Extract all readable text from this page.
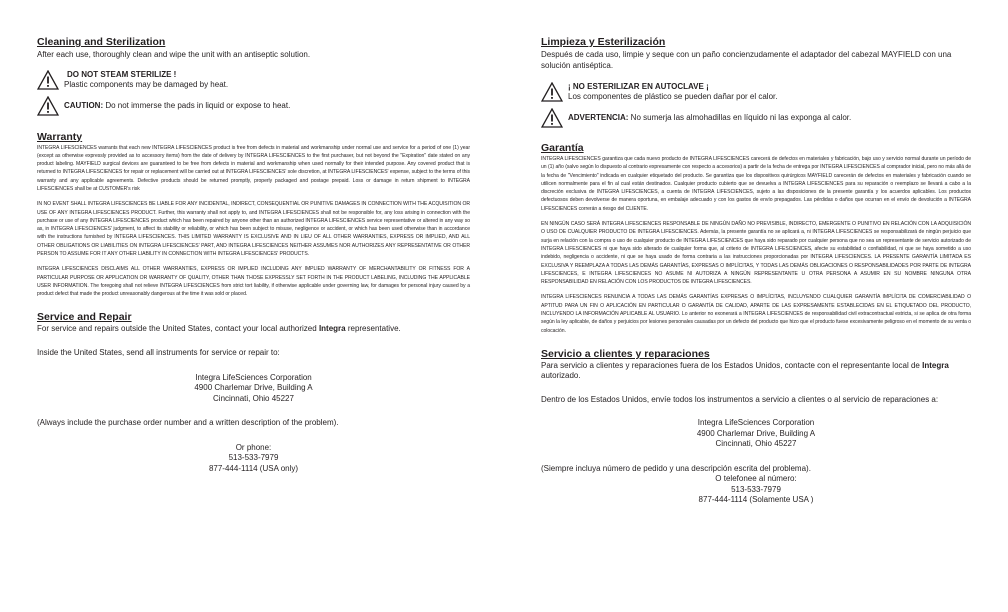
Cleaning and Sterilization

After each use, thoroughly clean and wipe the unit with an antiseptic solution.

DO NOT STEAM STERILIZE !
Plastic components may be damaged by heat.
CAUTION: Do not immerse the pads in liquid or expose to heat.
Warranty

INTEGRA LIFESCIENCES warrants that each new INTEGRA LIFESCIENCES product is free from defects in material and workmanship under normal use and service for a period of one (1) year (except as otherwise expressly provided as to accessory items) from the date of delivery by INTEGRA LIFESCIENCES to the first purchaser, but not beyond the "Expiration" date stated on any product labeling. MAYFIELD surgical devices are guaranteed to be free from defects in material and workmanship when used normally for their intended purpose. Any covered product that is returned to INTEGRA LIFESCIENCES for repair or replacement will be carried out at INTEGRA LIFESCIENCES' sole discretion, at INTEGRA LIFESCIENCES' expense, subject to the terms of this warranty and any applicable agreements. Defective products should be returned promptly, properly packaged and postage prepaid. Loss or damage in return shipment to INTEGRA LIFESCIENCES shall be at CUSTOMER's risk

IN NO EVENT SHALL INTEGRA LIFESCIENCES BE LIABLE FOR ANY INCIDENTAL, INDIRECT, CONSEQUENTIAL OR PUNITIVE DAMAGES IN CONNECTION WITH THE ACQUISITION OR USE OF ANY INTEGRA LIFESCIENCES PRODUCT. Further, this warranty shall not apply to, and INTEGRA LIFESCIENCES shall not be responsible for, any loss arising in connection with the purchase or use of any INTEGRA LIFESCIENCES product which has been repaired by anyone other than an authorized INTEGRA LIFESCIENCES service representative or altered in any way so as, in INTEGRA LIFESCIENCES' judgment, to affect its stability or reliability, or which has been subject to misuse, negligence or accident, or which has been used otherwise than in accordance with the instructions furnished by INTEGRA LIFESCIENCES. THIS LIMITED WARRANTY IS EXCLUSIVE AND IN LIEU OF ALL OTHER WARRANTIES, EXPRESS OR IMPLIED, AND ALL OTHER OBLIGATIONS OR LIABILITIES ON INTEGRA LIFESCIENCES' PART, AND INTEGRA LIFESCIENCES NEITHER ASSUMES NOR AUTHORIZES ANY REPRESENTATIVE OR OTHER PERSON TO ASSUME FOR IT ANY OTHER LIABILITY IN CONNECTION WITH INTEGRA LIFESCIENCES' PRODUCTS.

INTEGRA LIFESCIENCES DISCLAIMS ALL OTHER WARRANTIES, EXPRESS OR IMPLIED INCLUDING ANY IMPLIED WARRANTY OF MERCHANTABILITY OR FITNESS FOR A PARTICULAR PURPOSE OR APPLICATION OR WARRANTY OF QUALITY, OTHER THAN THOSE EXPRESSLY SET FORTH IN THE PRODUCT LABELING, INCLUDING THE APPLICABLE USER INFORMATION. The foregoing shall not relieve INTEGRA LIFESCIENCES from strict tort liability, if otherwise applicable under governing law, for damages for personal injury caused by a product defect that made the product unreasonably dangerous at the time it was sold or placed.

Service and Repair

For service and repairs outside the United States, contact your local authorized Integra representative.

Inside the United States, send all instruments for service or repair to:

Integra LifeSciences Corporation
4900 Charlemar Drive, Building A
Cincinnati, Ohio 45227

(Always include the purchase order number and a written description of the problem).

Or phone:
513-533-7979
877-444-1114 (USA only)
Limpieza y Esterilización

Después de cada uso, limpie y seque con un paño concienzudamente el adaptador del cabezal MAYFIELD con una solución antiséptica.

¡ NO ESTERILIZAR EN AUTOCLAVE ¡
Los componentes de plástico se pueden dañar por el calor.
ADVERTENCIA: No sumerja las almohadillas en líquido ni las exponga al calor.
Garantía

INTEGRA LIFESCIENCES garantiza que cada nuevo producto de INTEGRA LIFESCIENCES carecerá de defectos en materiales y fabricación, bajo uso y servicio normal durante un período de un (1) año (salvo según lo dispuesto al contrario expresamente con respecto a accesorios) a partir de la fecha de entrega por INTEGRA LIFESCIENCES al comprador inicial, pero no más allá de la fecha de "Vencimiento" indicada en cualquier etiquetado del producto. Se garantiza que los dispositivos quirúrgicos MAYFIELD carecerán de defectos en materiales y fabricación cuando se utilicen normalmente para el fin al cual están destinados. Cualquier producto cubierto que se devuelva a INTEGRA LIFESCIENCES para su reparación o reemplazo se llevará a cabo a la discreción exclusiva de INTEGRA LIFESCIENCES, a cuenta de INTEGRA LIFESCIENCES, sujeto a las disposiciones de la presente garantía y los acuerdos aplicables. Los productos defectuosos deben devolverse de manera oportuna, en embalaje adecuado y con los gastos de envío prepagados. Las pérdidas o daños que ocurran en el envío de devolución a INTEGRA LIFESCIENCES correrán a riesgo del CLIENTE.

EN NINGÚN CASO SERÁ INTEGRA LIFESCIENCES RESPONSABLE DE NINGÚN DAÑO NO PREVISIBLE, INDIRECTO, EMERGENTE O PUNITIVO EN RELACIÓN CON LA ADQUISICIÓN O USO DE CUALQUIER PRODUCTO DE INTEGRA LIFESCIENCES. Además, la presente garantía no se aplicará a, ni INTEGRA LIFESCIENCES se responsabilizará de ningún perjuicio que surja en relación con la compra o uso de cualquier producto de INTEGRA LIFESCIENCES que haya sido reparado por cualquier persona que no sea un representante de servicio autorizado de INTEGRA LIFESCIENCES ni que haya sido alterado de cualquier forma que, al criterio de INTEGRA LIFESCIENCES, afecte su estabilidad o confiabilidad, ni que se haya sometido a uso indebido, negligencia o accidente, ni que se haya usado de forma contraria a las instrucciones proporcionadas por INTEGRA LIFESCIENCES. LA PRESENTE GARANTÍA LIMITADA ES EXCLUSIVA Y REEMPLAZA A TODAS LAS DEMÁS GARANTÍAS, EXPRESAS O IMPLÍCITAS, Y TODAS LAS DEMÁS OBLIGACIONES O RESPONSABILIDADES POR PARTE DE INTEGRA LIFESCIENCES, E INTEGRA LIFESCIENCES NO ASUME NI AUTORIZA A NINGÚN REPRESENTANTE U OTRA PERSONA A ASUMIR EN SU NOMBRE NINGUNA OTRA RESPONSABILIDAD EN RELACIÓN CON LOS PRODUCTOS DE INTEGRA LIFESCIENCES.

INTEGRA LIFESCIENCES RENUNCIA A TODAS LAS DEMÁS GARANTÍAS EXPRESAS O IMPLÍCITAS, INCLUYENDO CUALQUIER GARANTÍA IMPLÍCITA DE COMERCIABILIDAD O APTITUD PARA UN FIN O APLICACIÓN EN PARTICULAR O GARANTÍA DE CALIDAD, APARTE DE LAS EXPRESAMENTE ESTABLECIDAS EN EL ETIQUETADO DEL PRODUCTO, INCLUYENDO LA INFORMACIÓN APLICABLE AL USUARIO. Lo anterior no exonerará a INTEGRA LIFESCIENCES de responsabilidad civil extracontractual estricta, si se aplica de otra forma según la ley aplicable, de daños y perjuicios por lesiones personales causadas por un defecto del producto que hizo que el producto fuese excesivamente peligroso en el momento de su venta o colocación.

Servicio a clientes y reparaciones

Para servicio a clientes y reparaciones fuera de los Estados Unidos, contacte con el representante local de Integra autorizado.

Dentro de los Estados Unidos, envíe todos los instrumentos a servicio a clientes o al servicio de reparaciones a:

Integra LifeSciences Corporation
4900 Charlemar Drive, Building A
Cincinnati, Ohio 45227
(Siempre incluya número de pedido y una descripción escrita del problema).
O telefonee al número:
513-533-7979
877-444-1114 (Solamente USA )
